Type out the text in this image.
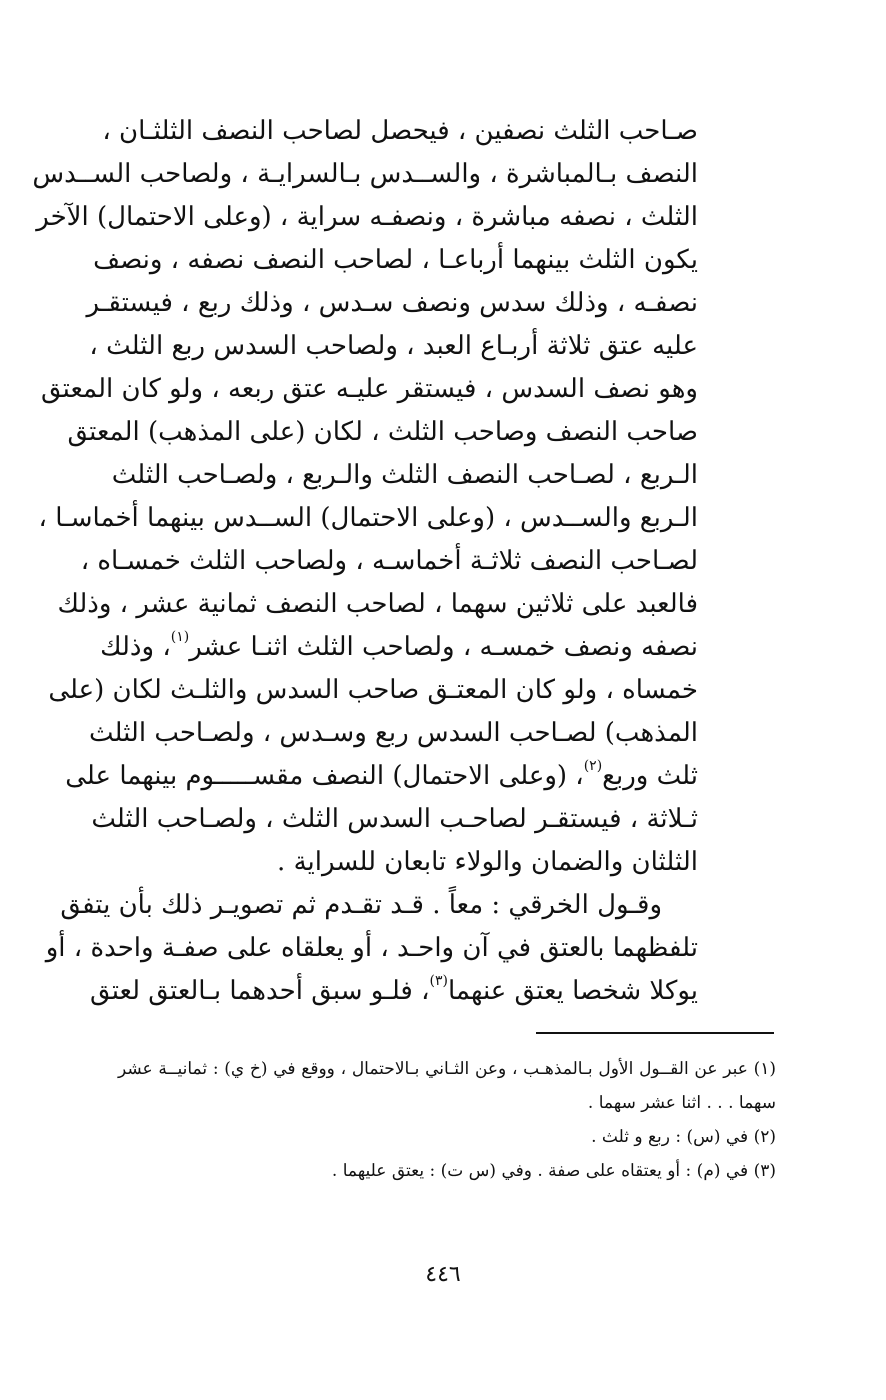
صـاحب الثلث نصفين ، فيحصل لصاحب النصف الثلثـان ،
النصف بـالمباشرة ، والســدس بـالسرايـة ، ولصاحب الســدس
الثلث ، نصفه مباشرة ، ونصفـه سراية ، (وعلى الاحتمال) الآخر
يكون الثلث بينهما أرباعـا ، لصاحب النصف نصفه ، ونصف
نصفـه ، وذلك سدس ونصف سـدس ، وذلك ربع ، فيستقـر
عليه عتق ثلاثة أربـاع العبد ، ولصاحب السدس ربع الثلث ،
وهو نصف السدس ، فيستقر عليـه عتق ربعه ، ولو كان المعتق
صاحب النصف وصاحب الثلث ، لكان (على المذهب) المعتق
الـربع ، لصـاحب النصف الثلث والـربع ، ولصـاحب الثلث
الـربع والســدس ، (وعلى الاحتمال) الســدس بينهما أخماسـا ،
لصـاحب النصف ثلاثـة أخماسـه ، ولصاحب الثلث خمسـاه ،
فالعبد على ثلاثين سهما ، لصاحب النصف ثمانية عشر ، وذلك
نصفه ونصف خمسـه ، ولصاحب الثلث اثنـا عشر$^{(١)}$، وذلك
خمساه ، ولو كان المعتـق صاحب السدس والثلـث لكان (على
المذهب) لصـاحب السدس ربع وسـدس ، ولصـاحب الثلث
ثلث وربع$^{(٢)}$، (وعلى الاحتمال) النصف مقســـــوم بينهما على
ثـلاثة ، فيستقـر لصاحـب السدس الثلث ، ولصـاحب الثلث
الثلثان والضمان والولاء تابعان للسراية .
وقـول الخرقي : معاً . قـد تقـدم ثم تصويـر ذلك بأن يتفق
تلفظهما بالعتق في آن واحـد ، أو يعلقاه على صفـة واحدة ، أو
يوكلا شخصا يعتق عنهما$^{(٣)}$، فلـو سبق أحدهما بـالعتق لعتق
(١) عبر عن القــول الأول بـالمذهـب ، وعن الثـاني بـالاحتمال ، ووقع في (خ ي) : ثمانيــة عشر
سهما . . . اثنا عشر سهما .
(٢) في (س) : ربع و ثلث .
(٣) في (م) : أو يعتقاه على صفة . وفي (س ت) : يعتق عليهما .
٤٤٦
